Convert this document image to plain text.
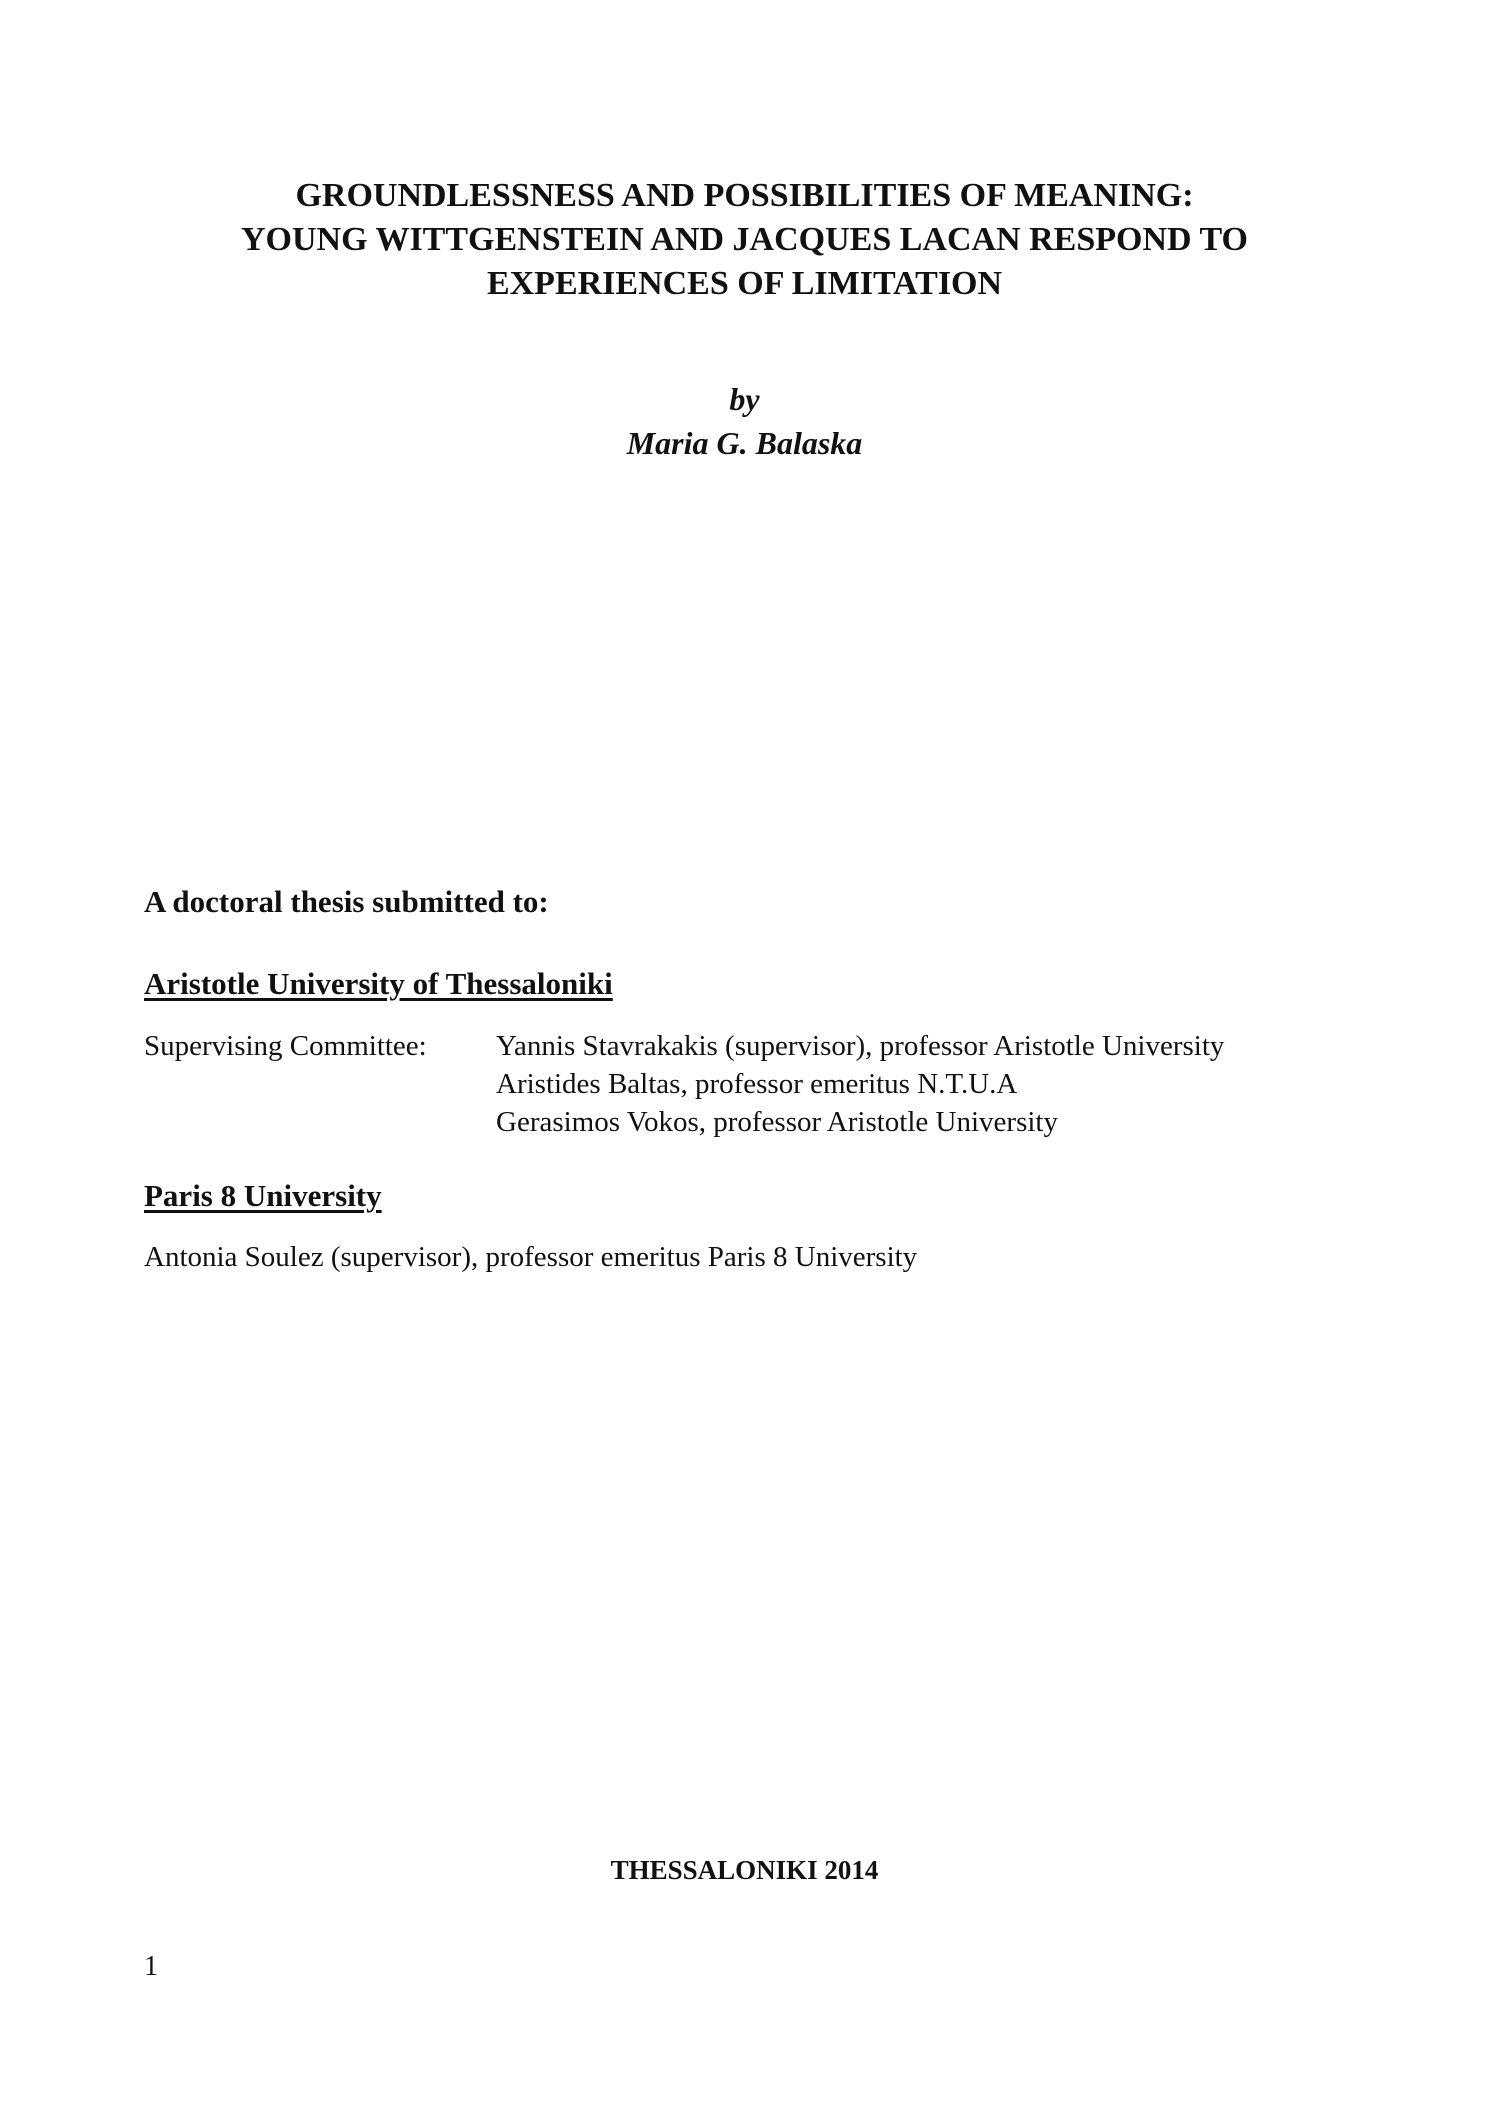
GROUNDLESSNESS AND POSSIBILITIES OF MEANING:
YOUNG WITTGENSTEIN AND JACQUES LACAN RESPOND TO
EXPERIENCES OF LIMITATION
by
Maria G. Balaska
A doctoral thesis submitted to:
Aristotle University of Thessaloniki
Supervising Committee: Yannis Stavrakakis (supervisor), professor Aristotle University
Aristides Baltas, professor emeritus N.T.U.A
Gerasimos Vokos, professor Aristotle University
Paris 8 University
Antonia Soulez (supervisor), professor emeritus Paris 8 University
THESSALONIKI 2014
1
